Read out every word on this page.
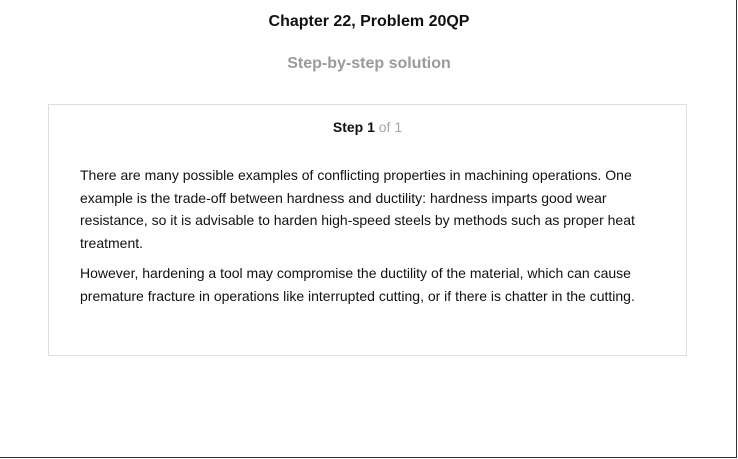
Chapter 22, Problem 20QP
Step-by-step solution
Step 1 of 1

There are many possible examples of conflicting properties in machining operations. One example is the trade-off between hardness and ductility: hardness imparts good wear resistance, so it is advisable to harden high-speed steels by methods such as proper heat treatment.

However, hardening a tool may compromise the ductility of the material, which can cause premature fracture in operations like interrupted cutting, or if there is chatter in the cutting.
